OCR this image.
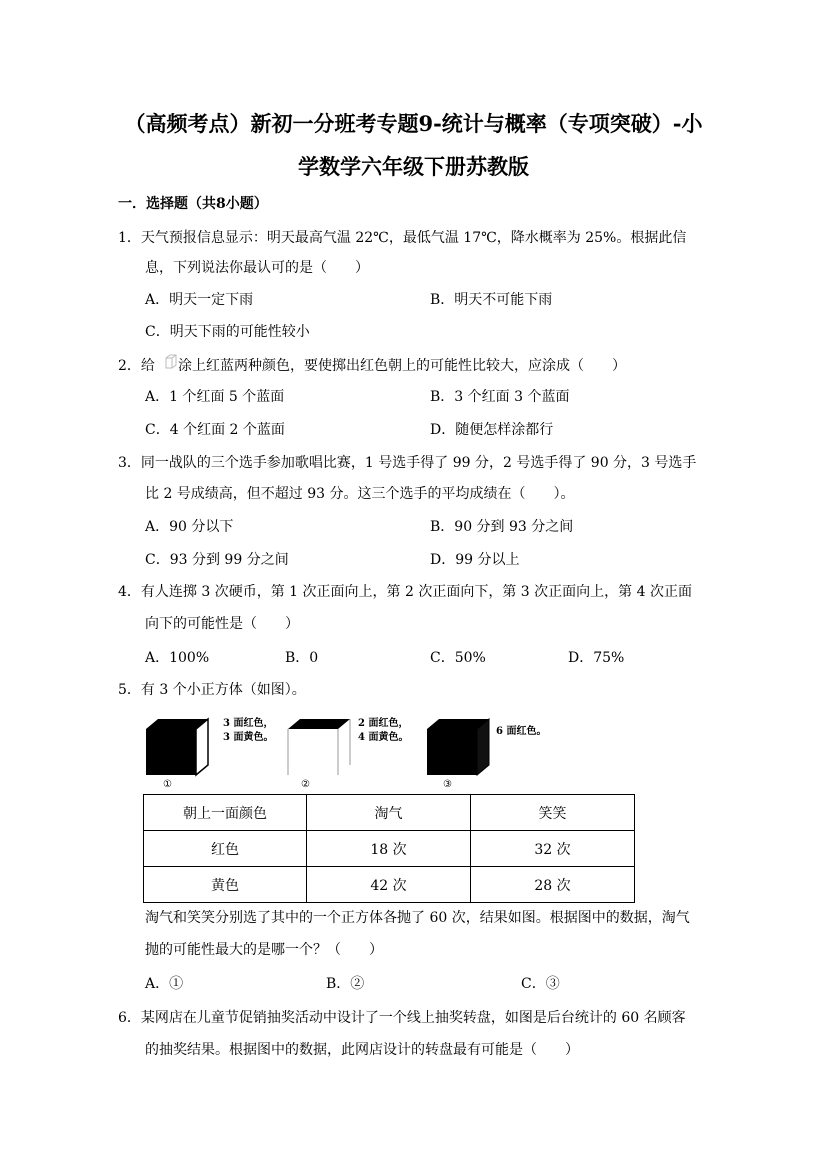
（高频考点）新初一分班考专题9-统计与概率（专项突破）-小
学数学六年级下册苏教版
一．选择题（共8小题）
1．天气预报信息显示：明天最高气温 22℃，最低气温 17℃，降水概率为 25%。根据此信
息，下列说法你最认可的是（　　）
A．明天一定下雨	B．明天不可能下雨
C．明天下雨的可能性较小
2．给 涂上红蓝两种颜色，要使掷出红色朝上的可能性比较大，应涂成（　　）
A．1 个红面 5 个蓝面	B．3 个红面 3 个蓝面
C．4 个红面 2 个蓝面	D．随便怎样涂都行
3．同一战队的三个选手参加歌唱比赛，1 号选手得了 99 分，2 号选手得了 90 分，3 号选手
比 2 号成绩高，但不超过 93 分。这三个选手的平均成绩在（　　）。
A．90 分以下	B．90 分到 93 分之间
C．93 分到 99 分之间	D．99 分以上
4．有人连掷 3 次硬币，第 1 次正面向上，第 2 次正面向下，第 3 次正面向上，第 4 次正面
向下的可能性是（　　）
A．100%	B．0	C．50%	D．75%
5．有 3 个小正方体（如图）。
3 面红色，
3 面黄色。
①
2 面红色，
4 面黄色。
②
6 面红色。
③
朝上一面颜色	淘气	笑笑
红色	18 次	32 次
黄色	42 次	28 次
淘气和笑笑分别选了其中的一个正方体各抛了 60 次，结果如图。根据图中的数据，淘气
抛的可能性最大的是哪一个？（　　）
A．①	B．②	C．③
6．某网店在儿童节促销抽奖活动中设计了一个线上抽奖转盘，如图是后台统计的 60 名顾客
的抽奖结果。根据图中的数据，此网店设计的转盘最有可能是（　　）
